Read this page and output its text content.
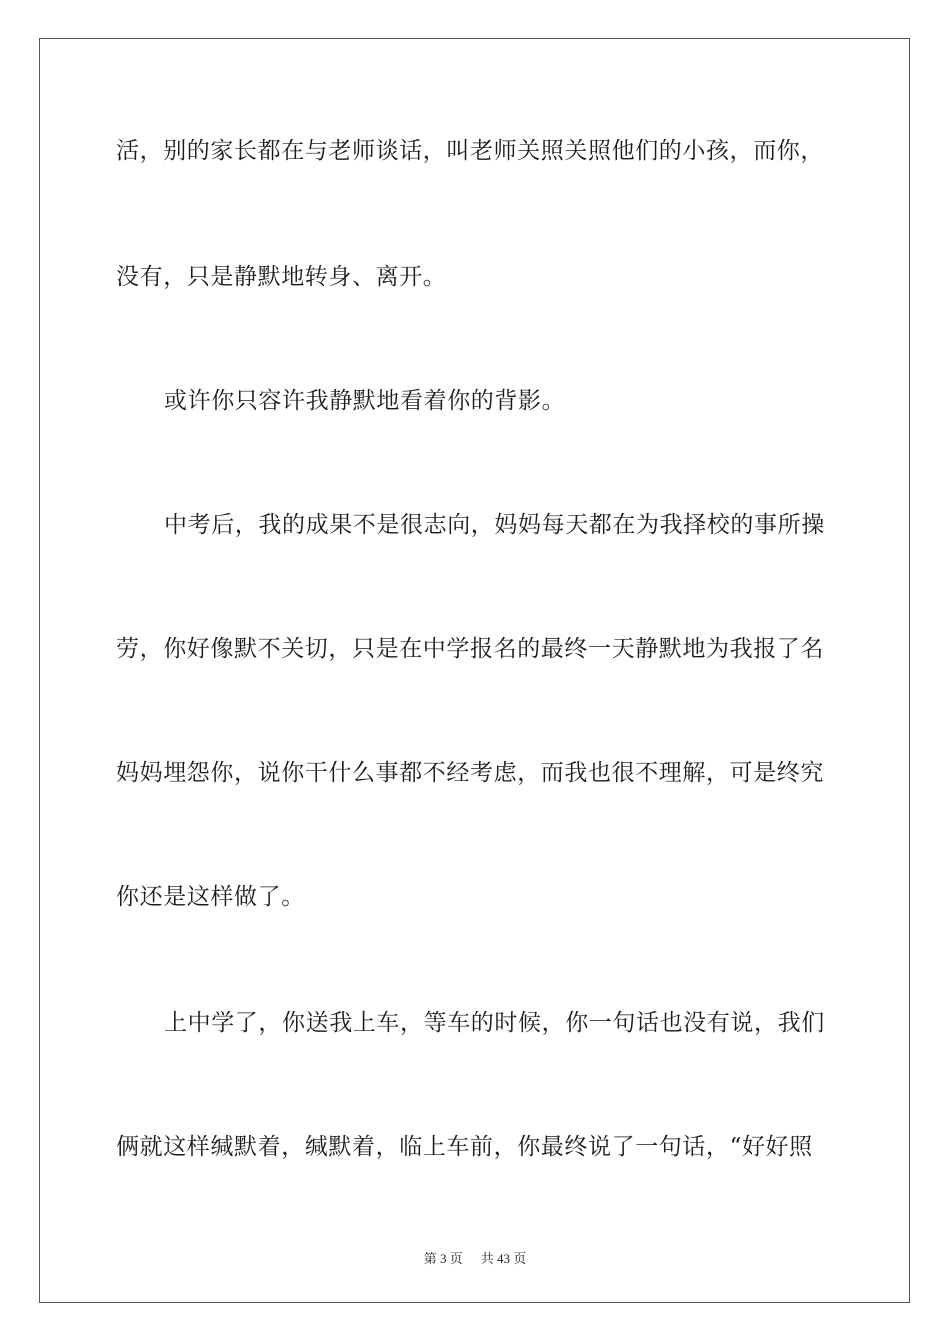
活，别的家长都在与老师谈话，叫老师关照关照他们的小孩，而你，
没有，只是静默地转身、离开。
或许你只容许我静默地看着你的背影。
中考后，我的成果不是很志向，妈妈每天都在为我择校的事所操
劳，你好像默不关切，只是在中学报名的最终一天静默地为我报了名
妈妈埋怨你，说你干什么事都不经考虑，而我也很不理解，可是终究
你还是这样做了。
上中学了，你送我上车，等车的时候，你一句话也没有说，我们
俩就这样缄默着，缄默着，临上车前，你最终说了一句话，“好好照
第 3 页 共 43 页
